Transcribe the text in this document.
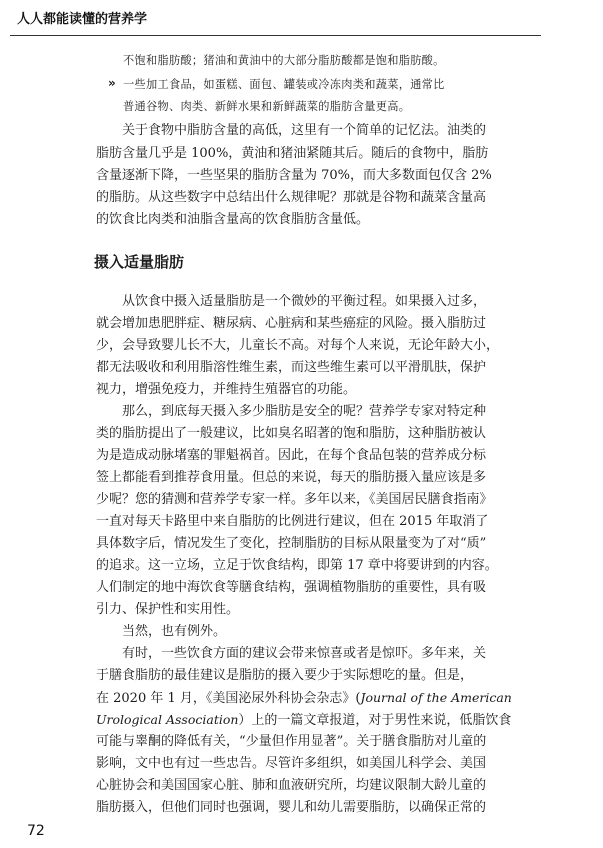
人人都能读懂的营养学
不饱和脂肪酸；猪油和黄油中的大部分脂肪酸都是饱和脂肪酸。
» 一些加工食品，如蛋糕、面包、罐装或冷冻肉类和蔬菜，通常比
普通谷物、肉类、新鲜水果和新鲜蔬菜的脂肪含量更高。
关于食物中脂肪含量的高低，这里有一个简单的记忆法。油类的
脂肪含量几乎是 100%，黄油和猪油紧随其后。随后的食物中，脂肪
含量逐渐下降，一些坚果的脂肪含量为 70%，而大多数面包仅含 2%
的脂肪。从这些数字中总结出什么规律呢？那就是谷物和蔬菜含量高
的饮食比肉类和油脂含量高的饮食脂肪含量低。
摄入适量脂肪
从饮食中摄入适量脂肪是一个微妙的平衡过程。如果摄入过多，
就会增加患肥胖症、糖尿病、心脏病和某些癌症的风险。摄入脂肪过
少，会导致婴儿长不大，儿童长不高。对每个人来说，无论年龄大小，
都无法吸收和利用脂溶性维生素，而这些维生素可以平滑肌肤，保护
视力，增强免疫力，并维持生殖器官的功能。
那么，到底每天摄入多少脂肪是安全的呢？营养学专家对特定种
类的脂肪提出了一般建议，比如臭名昭著的饱和脂肪，这种脂肪被认
为是造成动脉堵塞的罪魁祸首。因此，在每个食品包装的营养成分标
签上都能看到推荐食用量。但总的来说，每天的脂肪摄入量应该是多
少呢？您的猜测和营养学专家一样。多年以来，《美国居民膳食指南》
一直对每天卡路里中来自脂肪的比例进行建议，但在 2015 年取消了
具体数字后，情况发生了变化，控制脂肪的目标从限量变为了对“质”
的追求。这一立场，立足于饮食结构，即第 17 章中将要讲到的内容。
人们制定的地中海饮食等膳食结构，强调植物脂肪的重要性，具有吸
引力、保护性和实用性。
当然，也有例外。
有时，一些饮食方面的建议会带来惊喜或者是惊吓。多年来，关
于膳食脂肪的最佳建议是脂肪的摄入要少于实际想吃的量。但是，
在 2020 年 1 月，《美国泌尿外科协会杂志》(Journal of the American
Urological Association）上的一篇文章报道，对于男性来说，低脂饮食
可能与睾酮的降低有关，“少量但作用显著”。关于膳食脂肪对儿童的
影响，文中也有过一些忠告。尽管许多组织，如美国儿科学会、美国
心脏协会和美国国家心脏、肺和血液研究所，均建议限制大龄儿童的
脂肪摄入，但他们同时也强调，婴儿和幼儿需要脂肪，以确保正常的
72
